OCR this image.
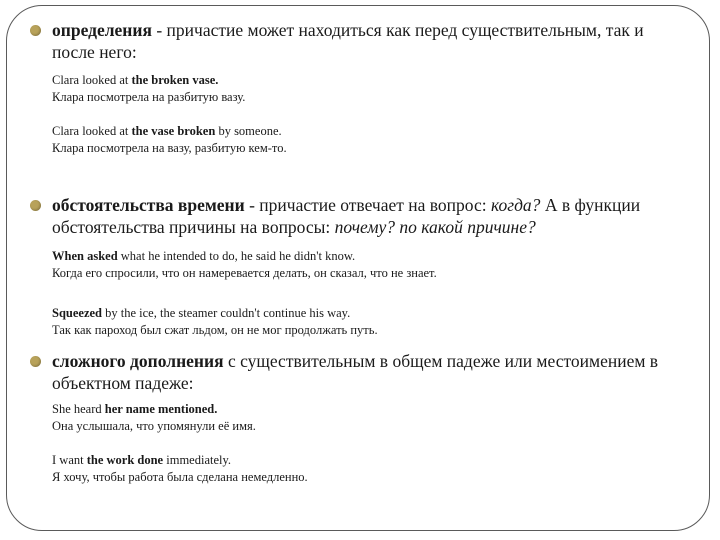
определения - причастие может находиться как перед существительным, так и после него:
Clara looked at the broken vase.
Клара посмотрела на разбитую вазу.
Clara looked at the vase broken by someone.
Клара посмотрела на вазу, разбитую кем-то.
обстоятельства времени - причастие отвечает на вопрос: когда? А в функции обстоятельства причины на вопросы: почему? по какой причине?
When asked what he intended to do, he said he didn't know.
Когда его спросили, что он намеревается делать, он сказал, что не знает.
Squeezed by the ice, the steamer couldn't continue his way.
Так как пароход был сжат льдом, он не мог продолжать путь.
сложного дополнения с существительным в общем падеже или местоимением в объектном падеже:
She heard her name mentioned.
Она услышала, что упомянули её имя.
I want the work done immediately.
Я хочу, чтобы работа была сделана немедленно.
